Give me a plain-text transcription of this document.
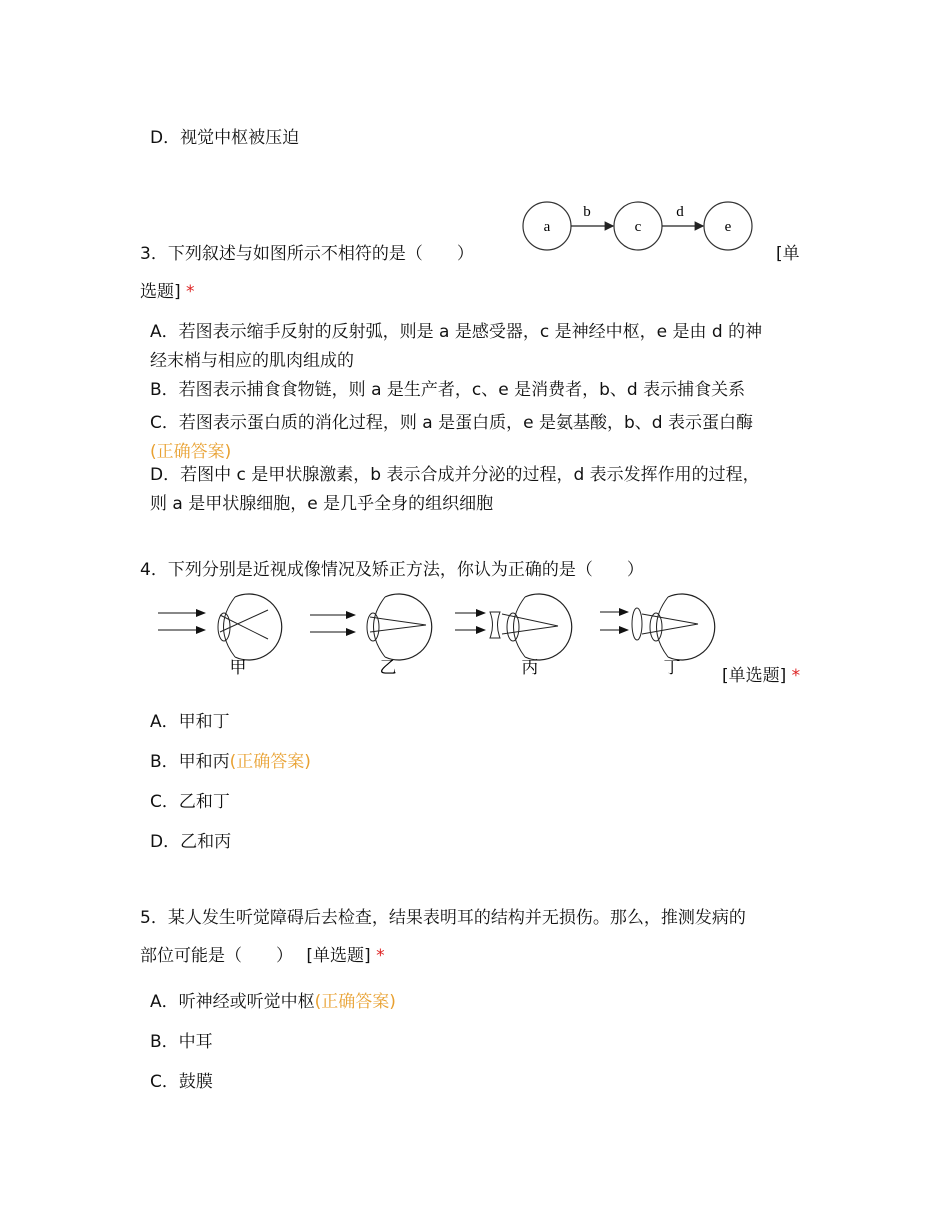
D．视觉中枢被压迫
3．下列叙述与如图所示不相符的是（　　）
a	c	e
b	d
[单
选题] *
A．若图表示缩手反射的反射弧，则是 a 是感受器，c 是神经中枢，e 是由 d 的神
经末梢与相应的肌肉组成的
B．若图表示捕食食物链，则 a 是生产者，c、e 是消费者，b、d 表示捕食关系
C．若图表示蛋白质的消化过程，则 a 是蛋白质，e 是氨基酸，b、d 表示蛋白酶
(正确答案)
D．若图中 c 是甲状腺激素，b 表示合成并分泌的过程，d 表示发挥作用的过程，
则 a 是甲状腺细胞，e 是几乎全身的组织细胞
4．下列分别是近视成像情况及矫正方法，你认为正确的是（　　）
甲	乙	丙	丁 [单选题] *
A．甲和丁
B．甲和丙(正确答案)
C．乙和丁
D．乙和丙
5．某人发生听觉障碍后去检查，结果表明耳的结构并无损伤。那么，推测发病的
部位可能是（　　） [单选题] *
A．听神经或听觉中枢(正确答案)
B．中耳
C．鼓膜
